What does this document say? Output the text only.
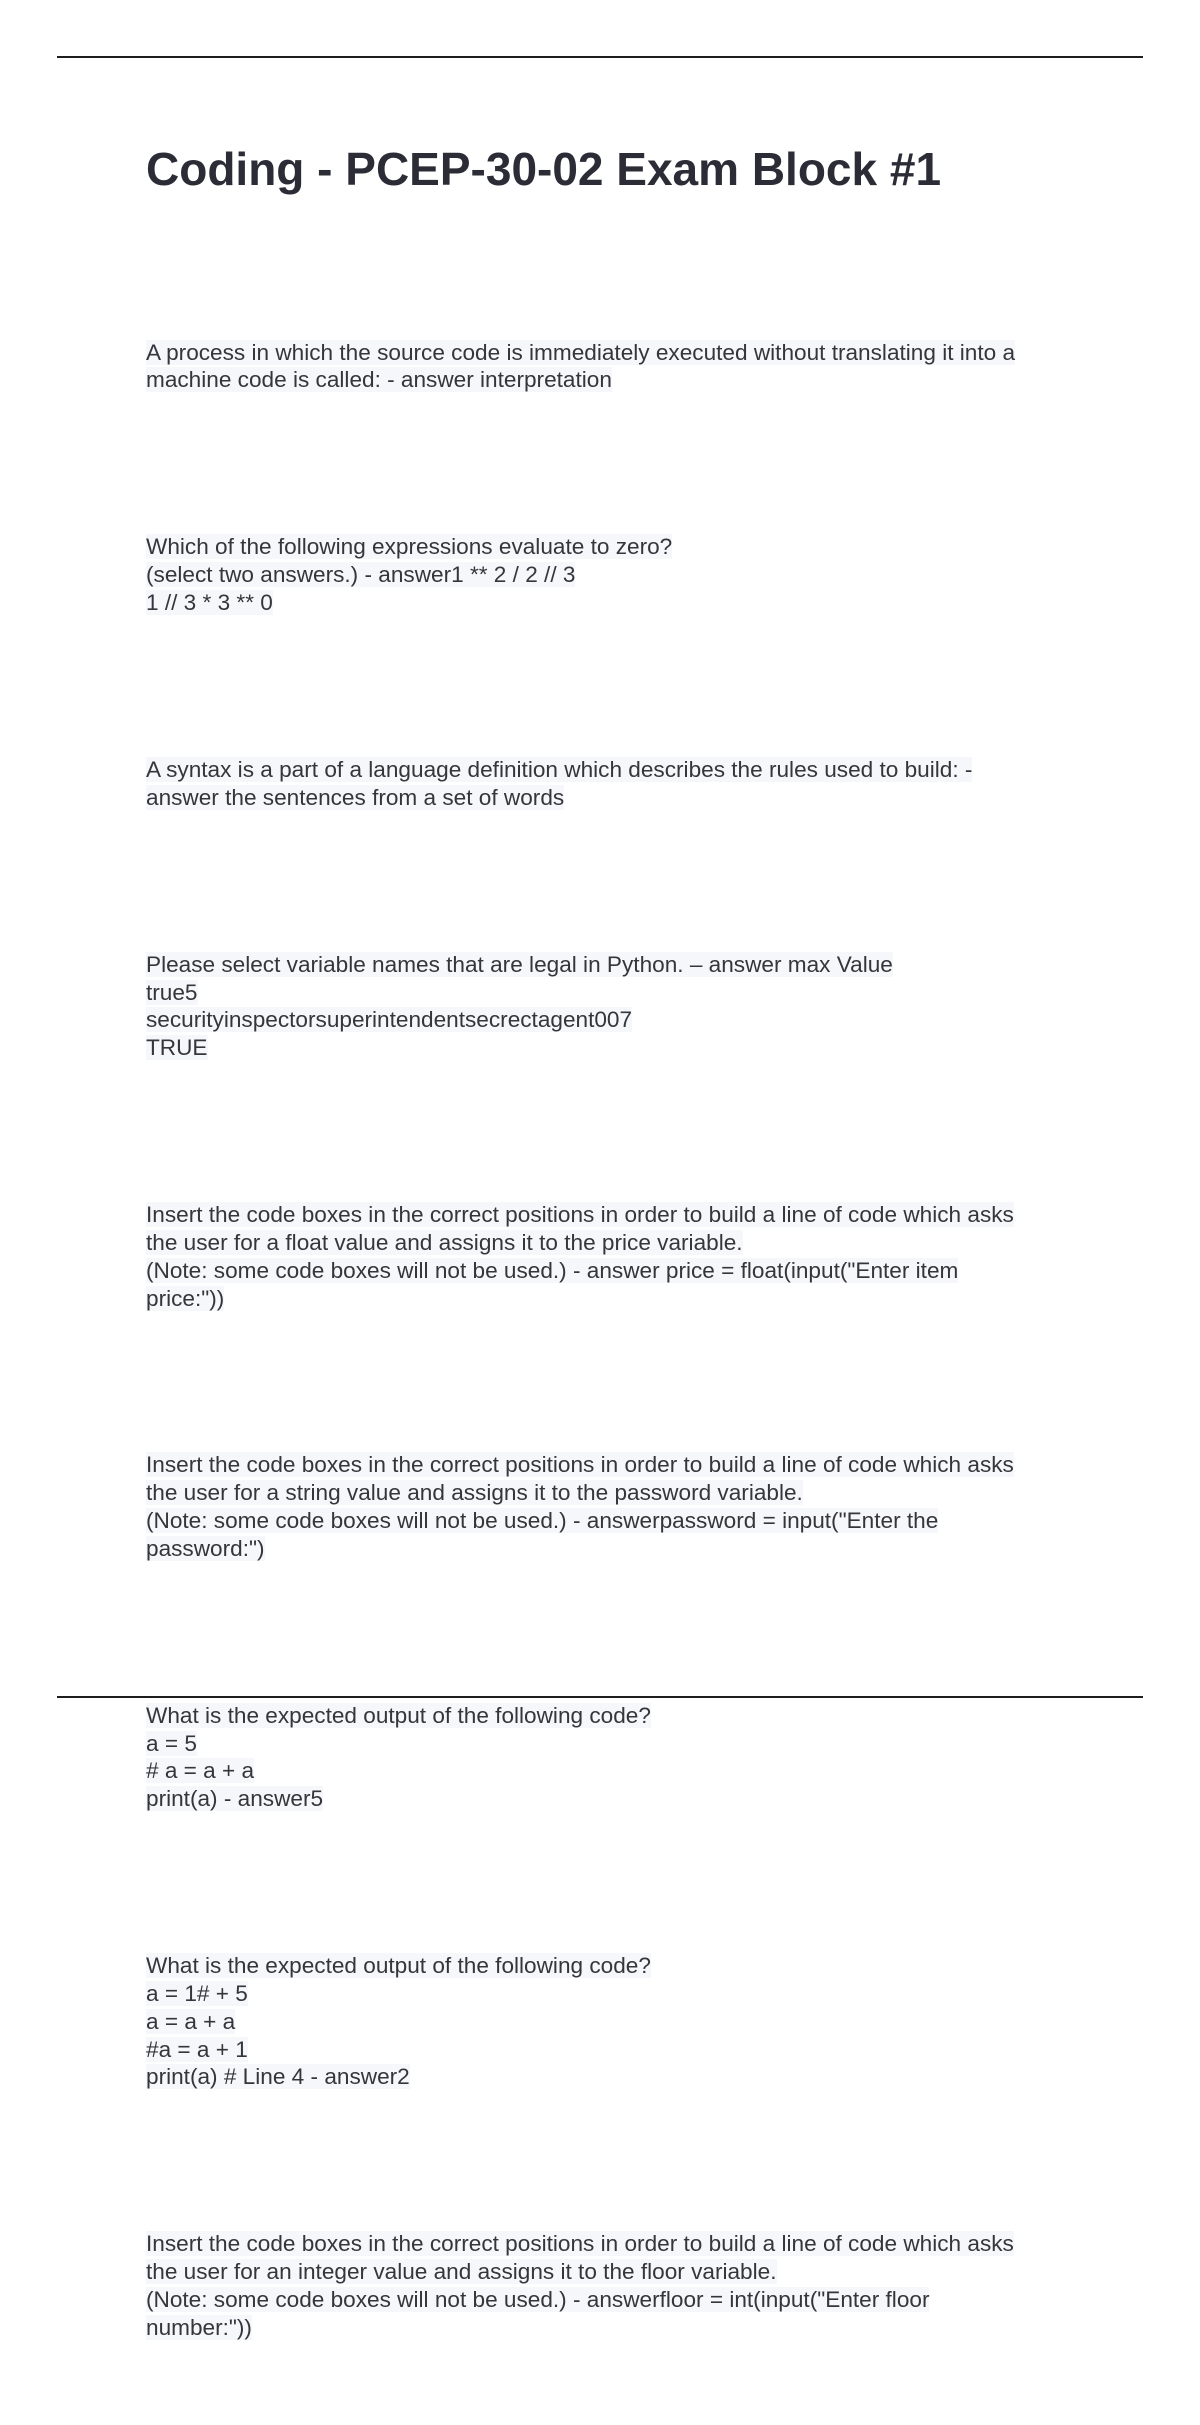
Coding - PCEP-30-02 Exam Block #1

A process in which the source code is immediately executed without translating it into a
machine code is called: - answer interpretation

Which of the following expressions evaluate to zero?
(select two answers.) - answer1 ** 2 / 2 // 3
1 // 3 * 3 ** 0

A syntax is a part of a language definition which describes the rules used to build: -
answer the sentences from a set of words

Please select variable names that are legal in Python. – answer max Value
true5
securityinspectorsuperintendentsecrectagent007
TRUE

Insert the code boxes in the correct positions in order to build a line of code which asks
the user for a float value and assigns it to the price variable.
(Note: some code boxes will not be used.) - answer price = float(input("Enter item
price:"))

Insert the code boxes in the correct positions in order to build a line of code which asks
the user for a string value and assigns it to the password variable.
(Note: some code boxes will not be used.) - answerpassword = input("Enter the
password:")

What is the expected output of the following code?
a = 5
# a = a + a
print(a) - answer5

What is the expected output of the following code?
a = 1# + 5
a = a + a
#a = a + 1
print(a) # Line 4 - answer2

Insert the code boxes in the correct positions in order to build a line of code which asks
the user for an integer value and assigns it to the floor variable.
(Note: some code boxes will not be used.) - answerfloor = int(input("Enter floor
number:"))
